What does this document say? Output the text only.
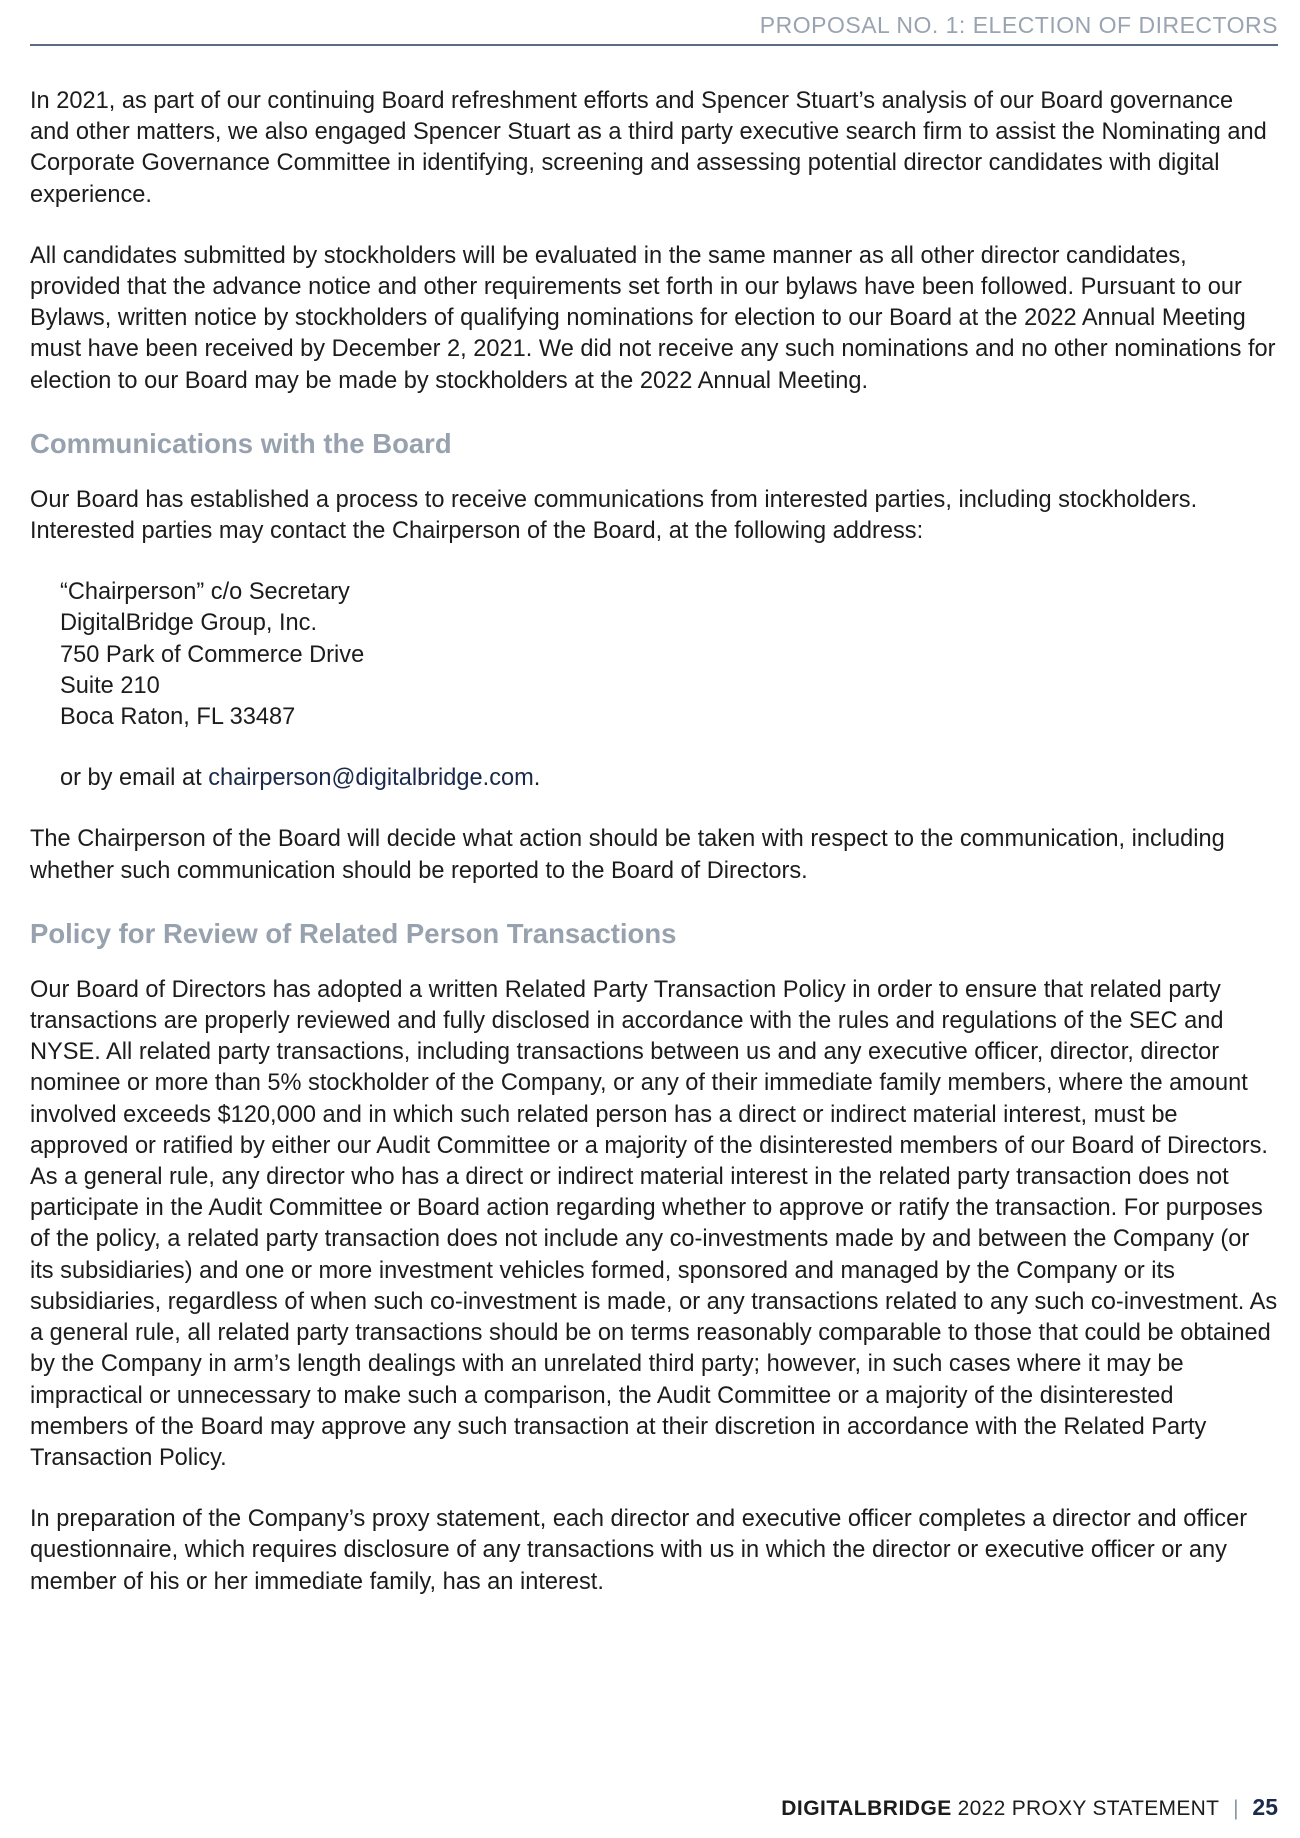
PROPOSAL NO. 1: ELECTION OF DIRECTORS

In 2021, as part of our continuing Board refreshment efforts and Spencer Stuart’s analysis of our Board governance and other matters, we also engaged Spencer Stuart as a third party executive search firm to assist the Nominating and Corporate Governance Committee in identifying, screening and assessing potential director candidates with digital experience.

All candidates submitted by stockholders will be evaluated in the same manner as all other director candidates, provided that the advance notice and other requirements set forth in our bylaws have been followed. Pursuant to our Bylaws, written notice by stockholders of qualifying nominations for election to our Board at the 2022 Annual Meeting must have been received by December 2, 2021. We did not receive any such nominations and no other nominations for election to our Board may be made by stockholders at the 2022 Annual Meeting.

Communications with the Board

Our Board has established a process to receive communications from interested parties, including stockholders. Interested parties may contact the Chairperson of the Board, at the following address:

“Chairperson” c/o Secretary
DigitalBridge Group, Inc.
750 Park of Commerce Drive
Suite 210
Boca Raton, FL 33487

or by email at chairperson@digitalbridge.com.

The Chairperson of the Board will decide what action should be taken with respect to the communication, including whether such communication should be reported to the Board of Directors.

Policy for Review of Related Person Transactions

Our Board of Directors has adopted a written Related Party Transaction Policy in order to ensure that related party transactions are properly reviewed and fully disclosed in accordance with the rules and regulations of the SEC and NYSE. All related party transactions, including transactions between us and any executive officer, director, director nominee or more than 5% stockholder of the Company, or any of their immediate family members, where the amount involved exceeds $120,000 and in which such related person has a direct or indirect material interest, must be approved or ratified by either our Audit Committee or a majority of the disinterested members of our Board of Directors. As a general rule, any director who has a direct or indirect material interest in the related party transaction does not participate in the Audit Committee or Board action regarding whether to approve or ratify the transaction. For purposes of the policy, a related party transaction does not include any co-investments made by and between the Company (or its subsidiaries) and one or more investment vehicles formed, sponsored and managed by the Company or its subsidiaries, regardless of when such co-investment is made, or any transactions related to any such co-investment. As a general rule, all related party transactions should be on terms reasonably comparable to those that could be obtained by the Company in arm’s length dealings with an unrelated third party; however, in such cases where it may be impractical or unnecessary to make such a comparison, the Audit Committee or a majority of the disinterested members of the Board may approve any such transaction at their discretion in accordance with the Related Party Transaction Policy.

In preparation of the Company’s proxy statement, each director and executive officer completes a director and officer questionnaire, which requires disclosure of any transactions with us in which the director or executive officer or any member of his or her immediate family, has an interest.

DIGITALBRIDGE 2022 PROXY STATEMENT | 25
